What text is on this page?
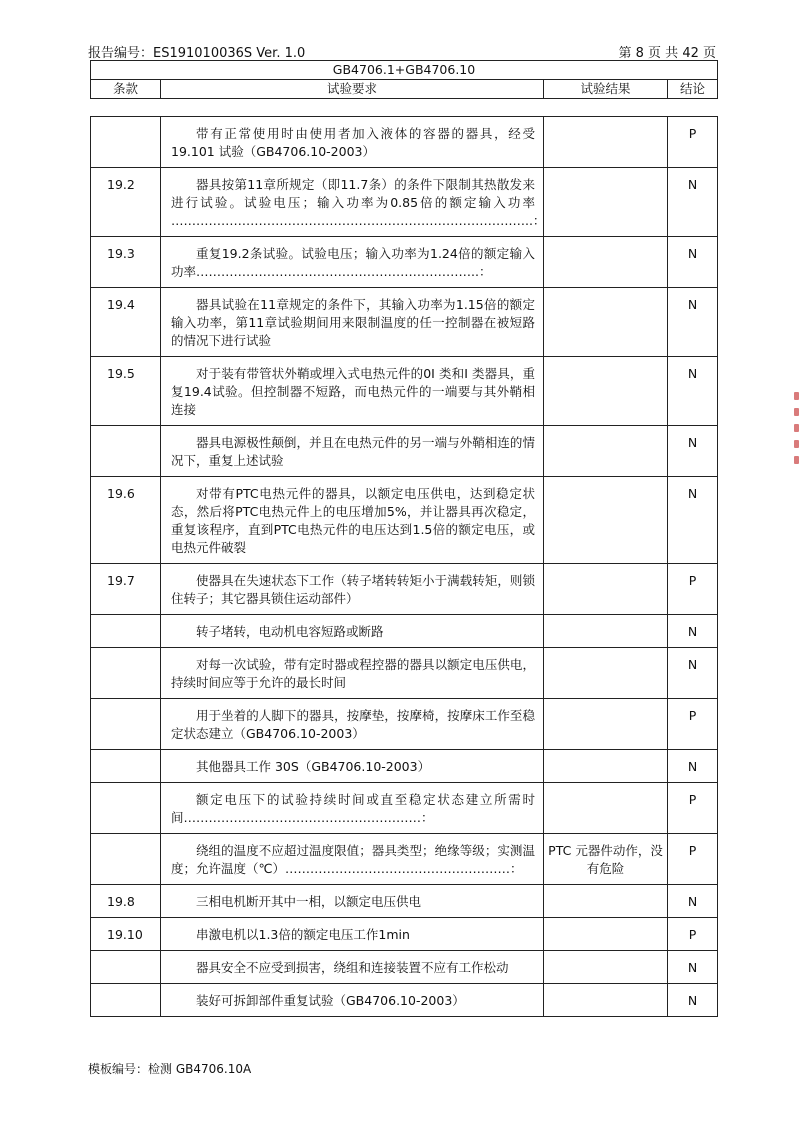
报告编号：ES191010036S Ver. 1.0	第 8 页 共 42 页
GB4706.1+GB4706.10
条款	试验要求	试验结果	结论

	带有正常使用时由使用者加入液体的容器的器具，经受19.101 试验（GB4706.10-2003）		P
19.2	器具按第11章所规定（即11.7条）的条件下限制其热散发来进行试验。试验电压；输入功率为0.85倍的额定输入功率 ……………………………………………………………………….…..：		N
19.3	重复19.2条试验。试验电压；输入功率为1.24倍的额定输入功率…………………………………………………………..：		N
19.4	器具试验在11章规定的条件下，其输入功率为1.15倍的额定输入功率，第11章试验期间用来限制温度的任一控制器在被短路的情况下进行试验		N
19.5	对于装有带管状外鞘或埋入式电热元件的0I 类和I 类器具，重复19.4试验。但控制器不短路，而电热元件的一端要与其外鞘相连接		N

	器具电源极性颠倒，并且在电热元件的另一端与外鞘相连的情况下，重复上述试验		N
19.6	对带有PTC电热元件的器具，以额定电压供电，达到稳定状态，然后将PTC电热元件上的电压增加5%，并让器具再次稳定，重复该程序，直到PTC电热元件的电压达到1.5倍的额定电压，或电热元件破裂		N
19.7	使器具在失速状态下工作（转子堵转转矩小于满载转矩，则锁住转子；其它器具锁住运动部件）		P

	转子堵转，电动机电容短路或断路		N

	对每一次试验，带有定时器或程控器的器具以额定电压供电，持续时间应等于允许的最长时间		N

	用于坐着的人脚下的器具，按摩垫，按摩椅，按摩床工作至稳定状态建立（GB4706.10-2003）		P

	其他器具工作 30S（GB4706.10-2003）		N

	额定电压下的试验持续时间或直至稳定状态建立所需时间…………………………………………………：		P

	绕组的温度不应超过温度限值；器具类型；绝缘等级；实测温度；允许温度（℃）………………………………………………：	PTC 元器件动作，没有危险	P
19.8	三相电机断开其中一相，以额定电压供电		N
19.10	串激电机以1.3倍的额定电压工作1min		P

	器具安全不应受到损害，绕组和连接装置不应有工作松动		N

	装好可拆卸部件重复试验（GB4706.10-2003）		N
模板编号：检测 GB4706.10A
